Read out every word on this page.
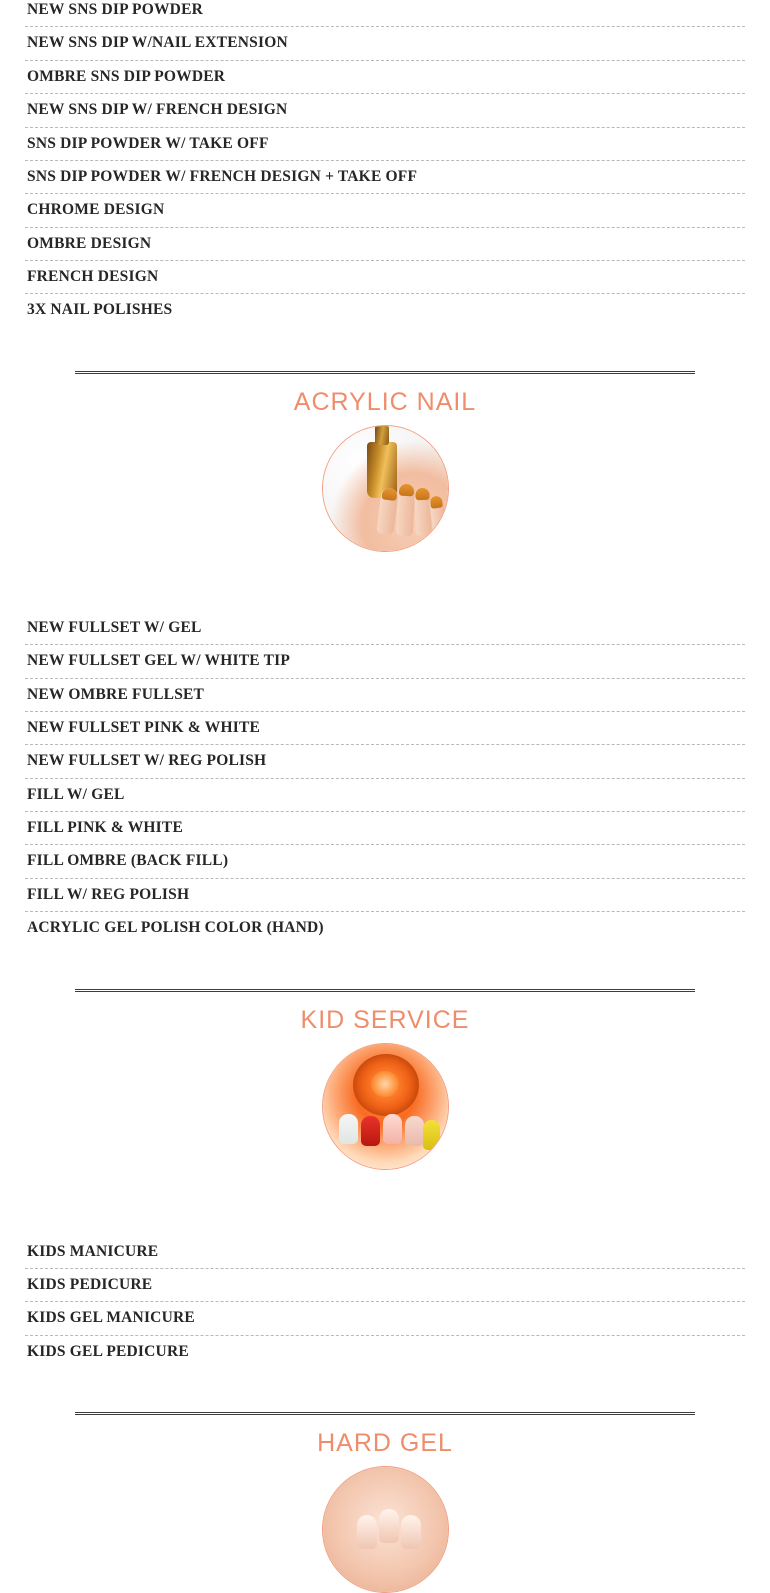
NEW SNS DIP POWDER
NEW SNS DIP W/NAIL EXTENSION
OMBRE SNS DIP POWDER
NEW SNS DIP W/ FRENCH DESIGN
SNS DIP POWDER W/ TAKE OFF
SNS DIP POWDER W/ FRENCH DESIGN + TAKE OFF
CHROME DESIGN
OMBRE DESIGN
FRENCH DESIGN
3X NAIL POLISHES
ACRYLIC NAIL
NEW FULLSET W/ GEL
NEW FULLSET GEL W/ WHITE TIP
NEW OMBRE FULLSET
NEW FULLSET PINK & WHITE
NEW FULLSET W/ REG POLISH
FILL W/ GEL
FILL PINK & WHITE
FILL OMBRE (BACK FILL)
FILL W/ REG POLISH
ACRYLIC GEL POLISH COLOR (HAND)
KID SERVICE
KIDS MANICURE
KIDS PEDICURE
KIDS GEL MANICURE
KIDS GEL PEDICURE
HARD GEL
